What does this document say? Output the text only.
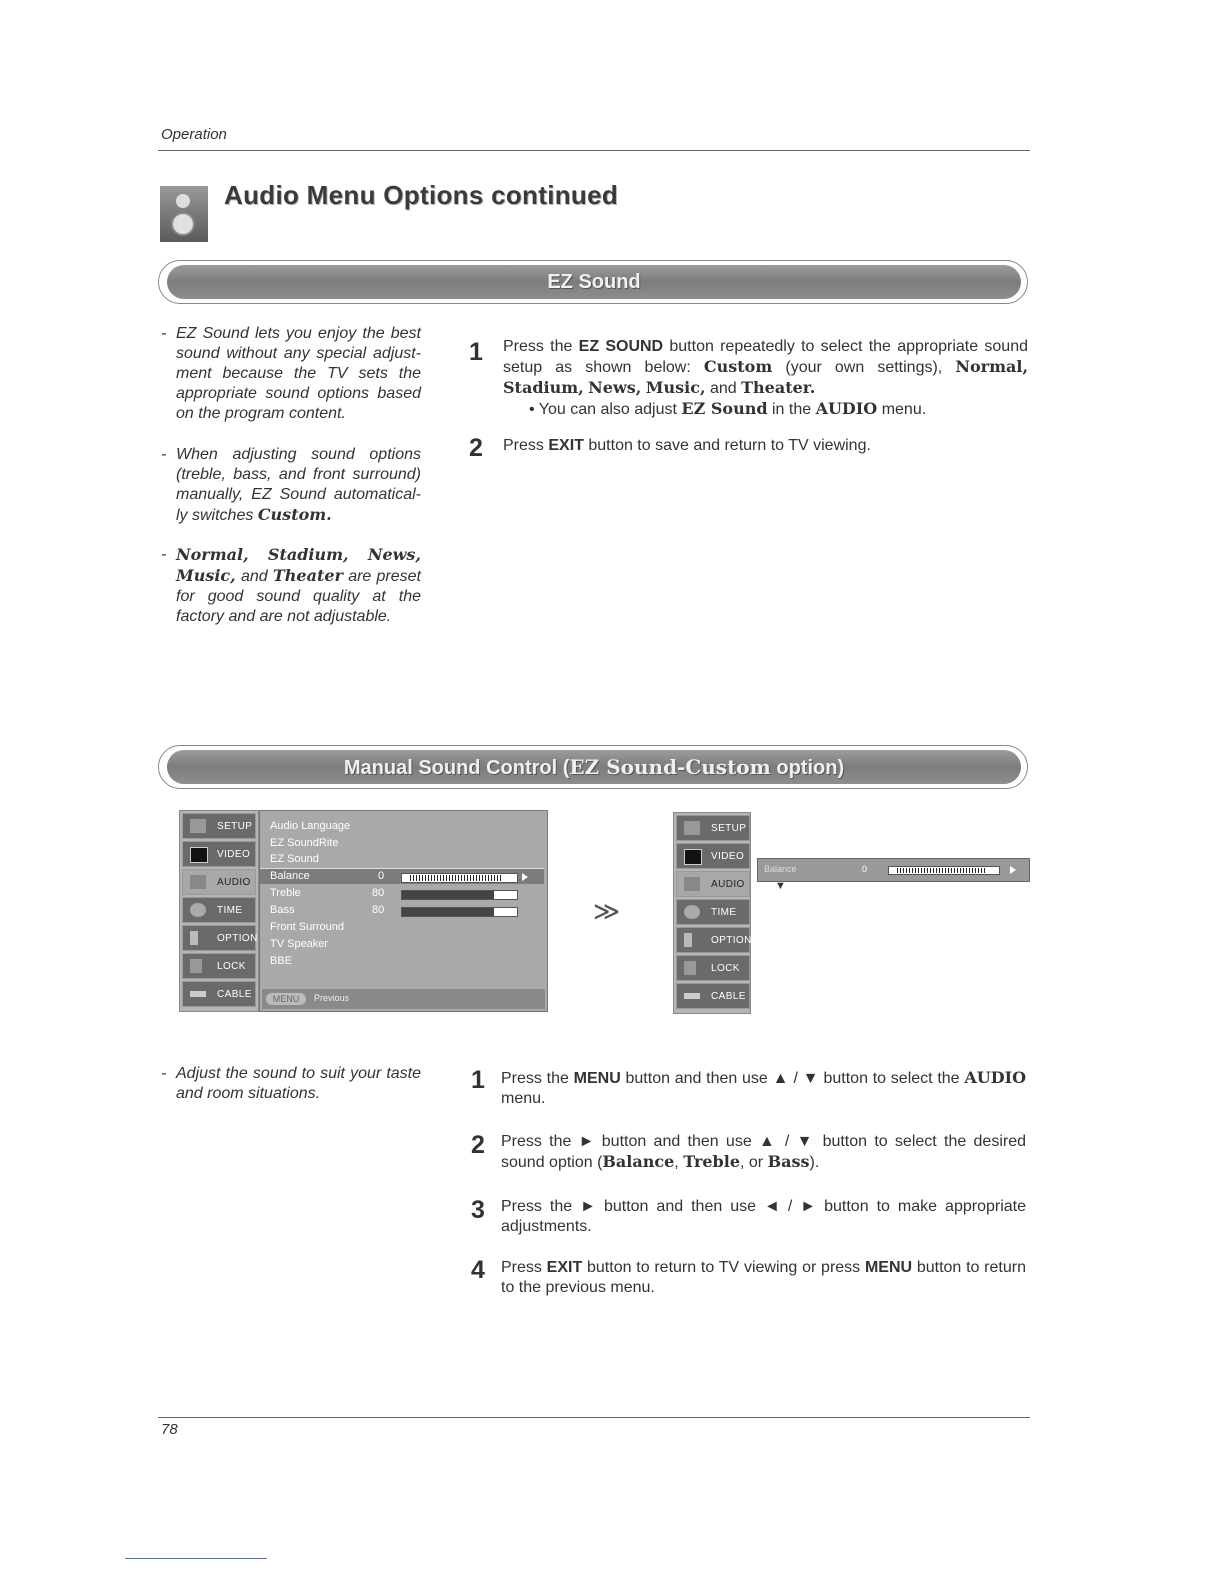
Operation
Audio Menu Options continued
EZ Sound
- EZ Sound lets you enjoy the best sound without any special adjust-ment because the TV sets the appropriate sound options based on the program content.
- When adjusting sound options (treble, bass, and front surround) manually, EZ Sound automatical-ly switches Custom.
- Normal, Stadium, News, Music, and Theater are preset for good sound quality at the factory and are not adjustable.
1 Press the EZ SOUND button repeatedly to select the appropriate sound setup as shown below: Custom (your own settings), Normal, Stadium, News, Music, and Theater.
• You can also adjust EZ Sound in the AUDIO menu.
2 Press EXIT button to save and return to TV viewing.
Manual Sound Control (EZ Sound-Custom option)
SETUP
VIDEO
AUDIO
TIME
OPTION
LOCK
CABLE
Audio Language
EZ SoundRite
EZ Sound
Balance	0
Treble	80
Bass	80
Front Surround
TV Speaker
BBE
MENU	Previous
≫
SETUP
VIDEO
AUDIO
TIME
OPTION
LOCK
CABLE
Balance	0
▼
- Adjust the sound to suit your taste and room situations.	1 Press the MENU button and then use ▲ / ▼ button to select the AUDIO menu.
2 Press the ► button and then use ▲ / ▼ button to select the desired sound option (Balance, Treble, or Bass).
3 Press the ► button and then use ◄ / ► button to make appropriate adjustments.
4 Press EXIT button to return to TV viewing or press MENU button to return to the previous menu.
78
